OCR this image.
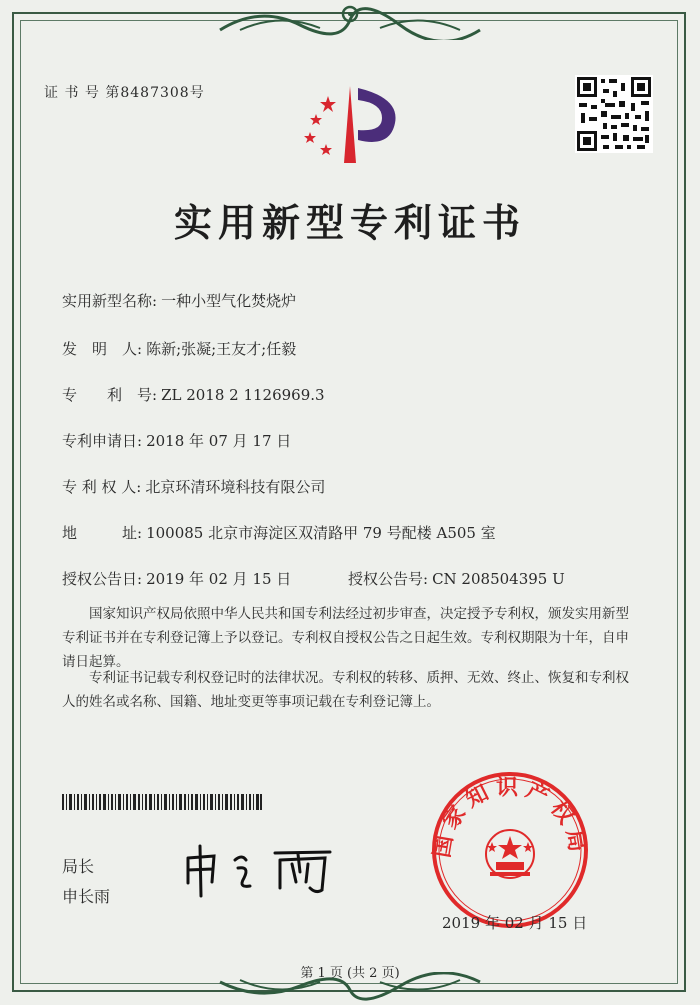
证 书 号 第8487308号
实用新型专利证书
实用新型名称: 一种小型气化焚烧炉
发　明　人: 陈新;张凝;王友才;任毅
专　　利　号: ZL 2018 2 1126969.3
专利申请日: 2018 年 07 月 17 日
专 利 权 人: 北京环清环境科技有限公司
地　　　址: 100085 北京市海淀区双清路甲 79 号配楼 A505 室
授权公告日: 2019 年 02 月 15 日	授权公告号: CN 208504395 U
国家知识产权局依照中华人民共和国专利法经过初步审查，决定授予专利权，颁发实用新型专利证书并在专利登记簿上予以登记。专利权自授权公告之日起生效。专利权期限为十年，自申请日起算。
专利证书记载专利权登记时的法律状况。专利权的转移、质押、无效、终止、恢复和专利权人的姓名或名称、国籍、地址变更等事项记载在专利登记簿上。
局长
申长雨
国家知识产权局
2019 年 02 月 15 日
第 1 页 (共 2 页)
